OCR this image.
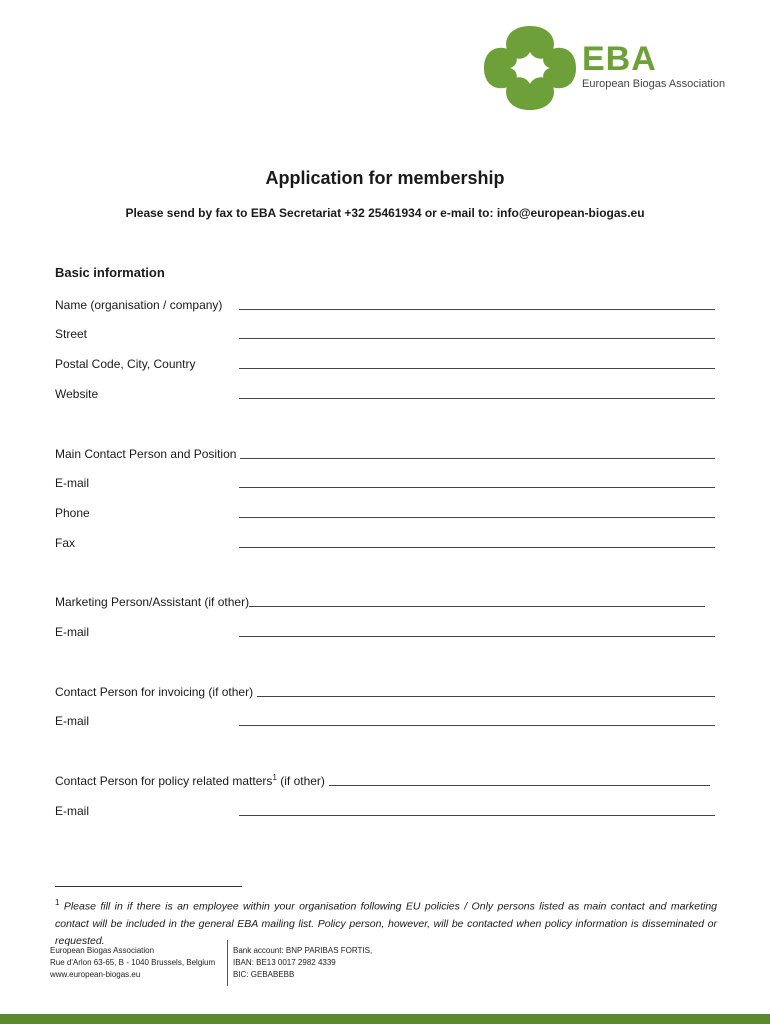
EBA
European Biogas Association
Application for membership
Please send by fax to EBA Secretariat +32 25461934 or e-mail to: info@european-biogas.eu
Basic information
Name (organisation / company)
Street
Postal Code, City, Country
Website
Main Contact Person and Position
E-mail
Phone
Fax
Marketing Person/Assistant (if other)
E-mail
Contact Person for invoicing (if other)
E-mail
Contact Person for policy related matters$^1$ (if other)
E-mail
$^1$ Please fill in if there is an employee within your organisation following EU policies / Only persons listed as main contact and marketing contact will be included in the general EBA mailing list. Policy person, however, will be contacted when policy information is disseminated or requested.
European Biogas Association
Rue d'Arlon 63-65, B - 1040 Brussels, Belgium
www.european-biogas.eu
Bank account: BNP PARIBAS FORTIS,
IBAN: BE13 0017 2982 4339
BIC: GEBABEBB
